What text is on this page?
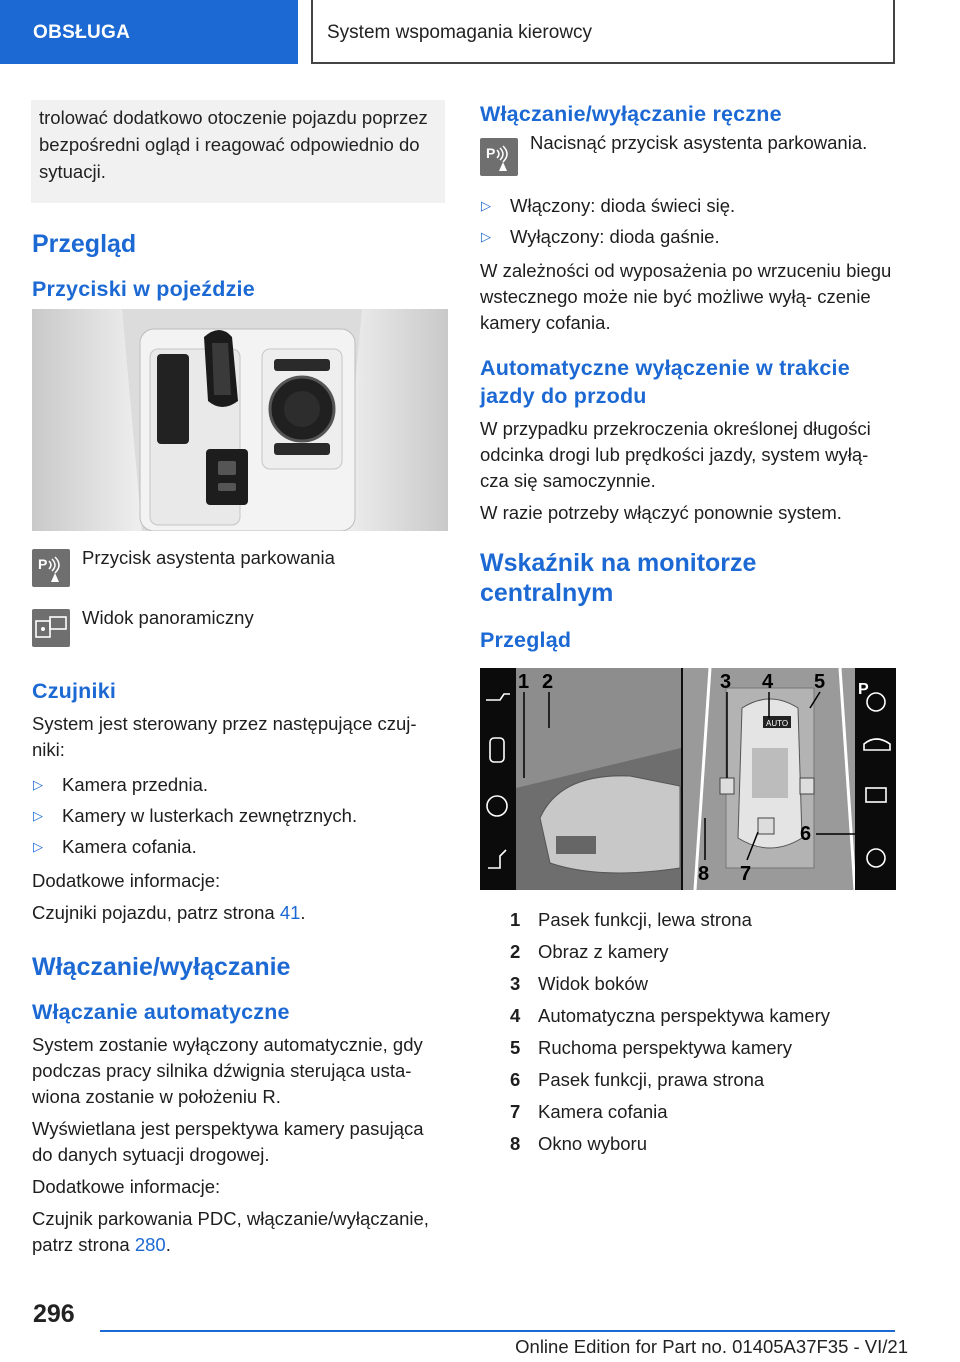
OBSŁUGA	System wspomagania kierowcy
trolować dodatkowo otoczenie pojazdu poprzez bezpośredni ogląd i reagować odpowiednio do sytuacji.
Przegląd
Przyciski w pojeździe
P	Przycisk asystenta parkowania
Widok panoramiczny
Czujniki

System jest sterowany przez następujące czuj- niki:

▷ Kamera przednia.
▷ Kamery w lusterkach zewnętrznych.
▷ Kamera cofania.

Dodatkowe informacje:

Czujniki pojazdu, patrz strona 41.

Włączanie/wyłączanie
Włączanie automatyczne

System zostanie wyłączony automatycznie, gdy podczas pracy silnika dźwignia sterująca usta- wiona zostanie w położeniu R.

Wyświetlana jest perspektywa kamery pasująca do danych sytuacji drogowej.

Dodatkowe informacje:

Czujnik parkowania PDC, włączanie/wyłączanie, patrz strona 280.

Włączanie/wyłączanie ręczne
P	Nacisnąć przycisk asystenta parkowania.
▷ Włączony: dioda świeci się.
▷ Wyłączony: dioda gaśnie.

W zależności od wyposażenia po wrzuceniu biegu wstecznego może nie być możliwe wyłą- czenie kamery cofania.

Automatyczne wyłączenie w trakcie jazdy do przodu

W przypadku przekroczenia określonej długości odcinka drogi lub prędkości jazdy, system wyłą- cza się samoczynnie.

W razie potrzeby włączyć ponownie system.

Wskaźnik na monitorze centralnym
Przegląd
AUTO
P
1 2	3 4 5
6
7
8
1 Pasek funkcji, lewa strona
2 Obraz z kamery
3 Widok boków
4 Automatyczna perspektywa kamery
5 Ruchoma perspektywa kamery
6 Pasek funkcji, prawa strona
7 Kamera cofania
8 Okno wyboru
296
Online Edition for Part no. 01405A37F35 - VI/21
